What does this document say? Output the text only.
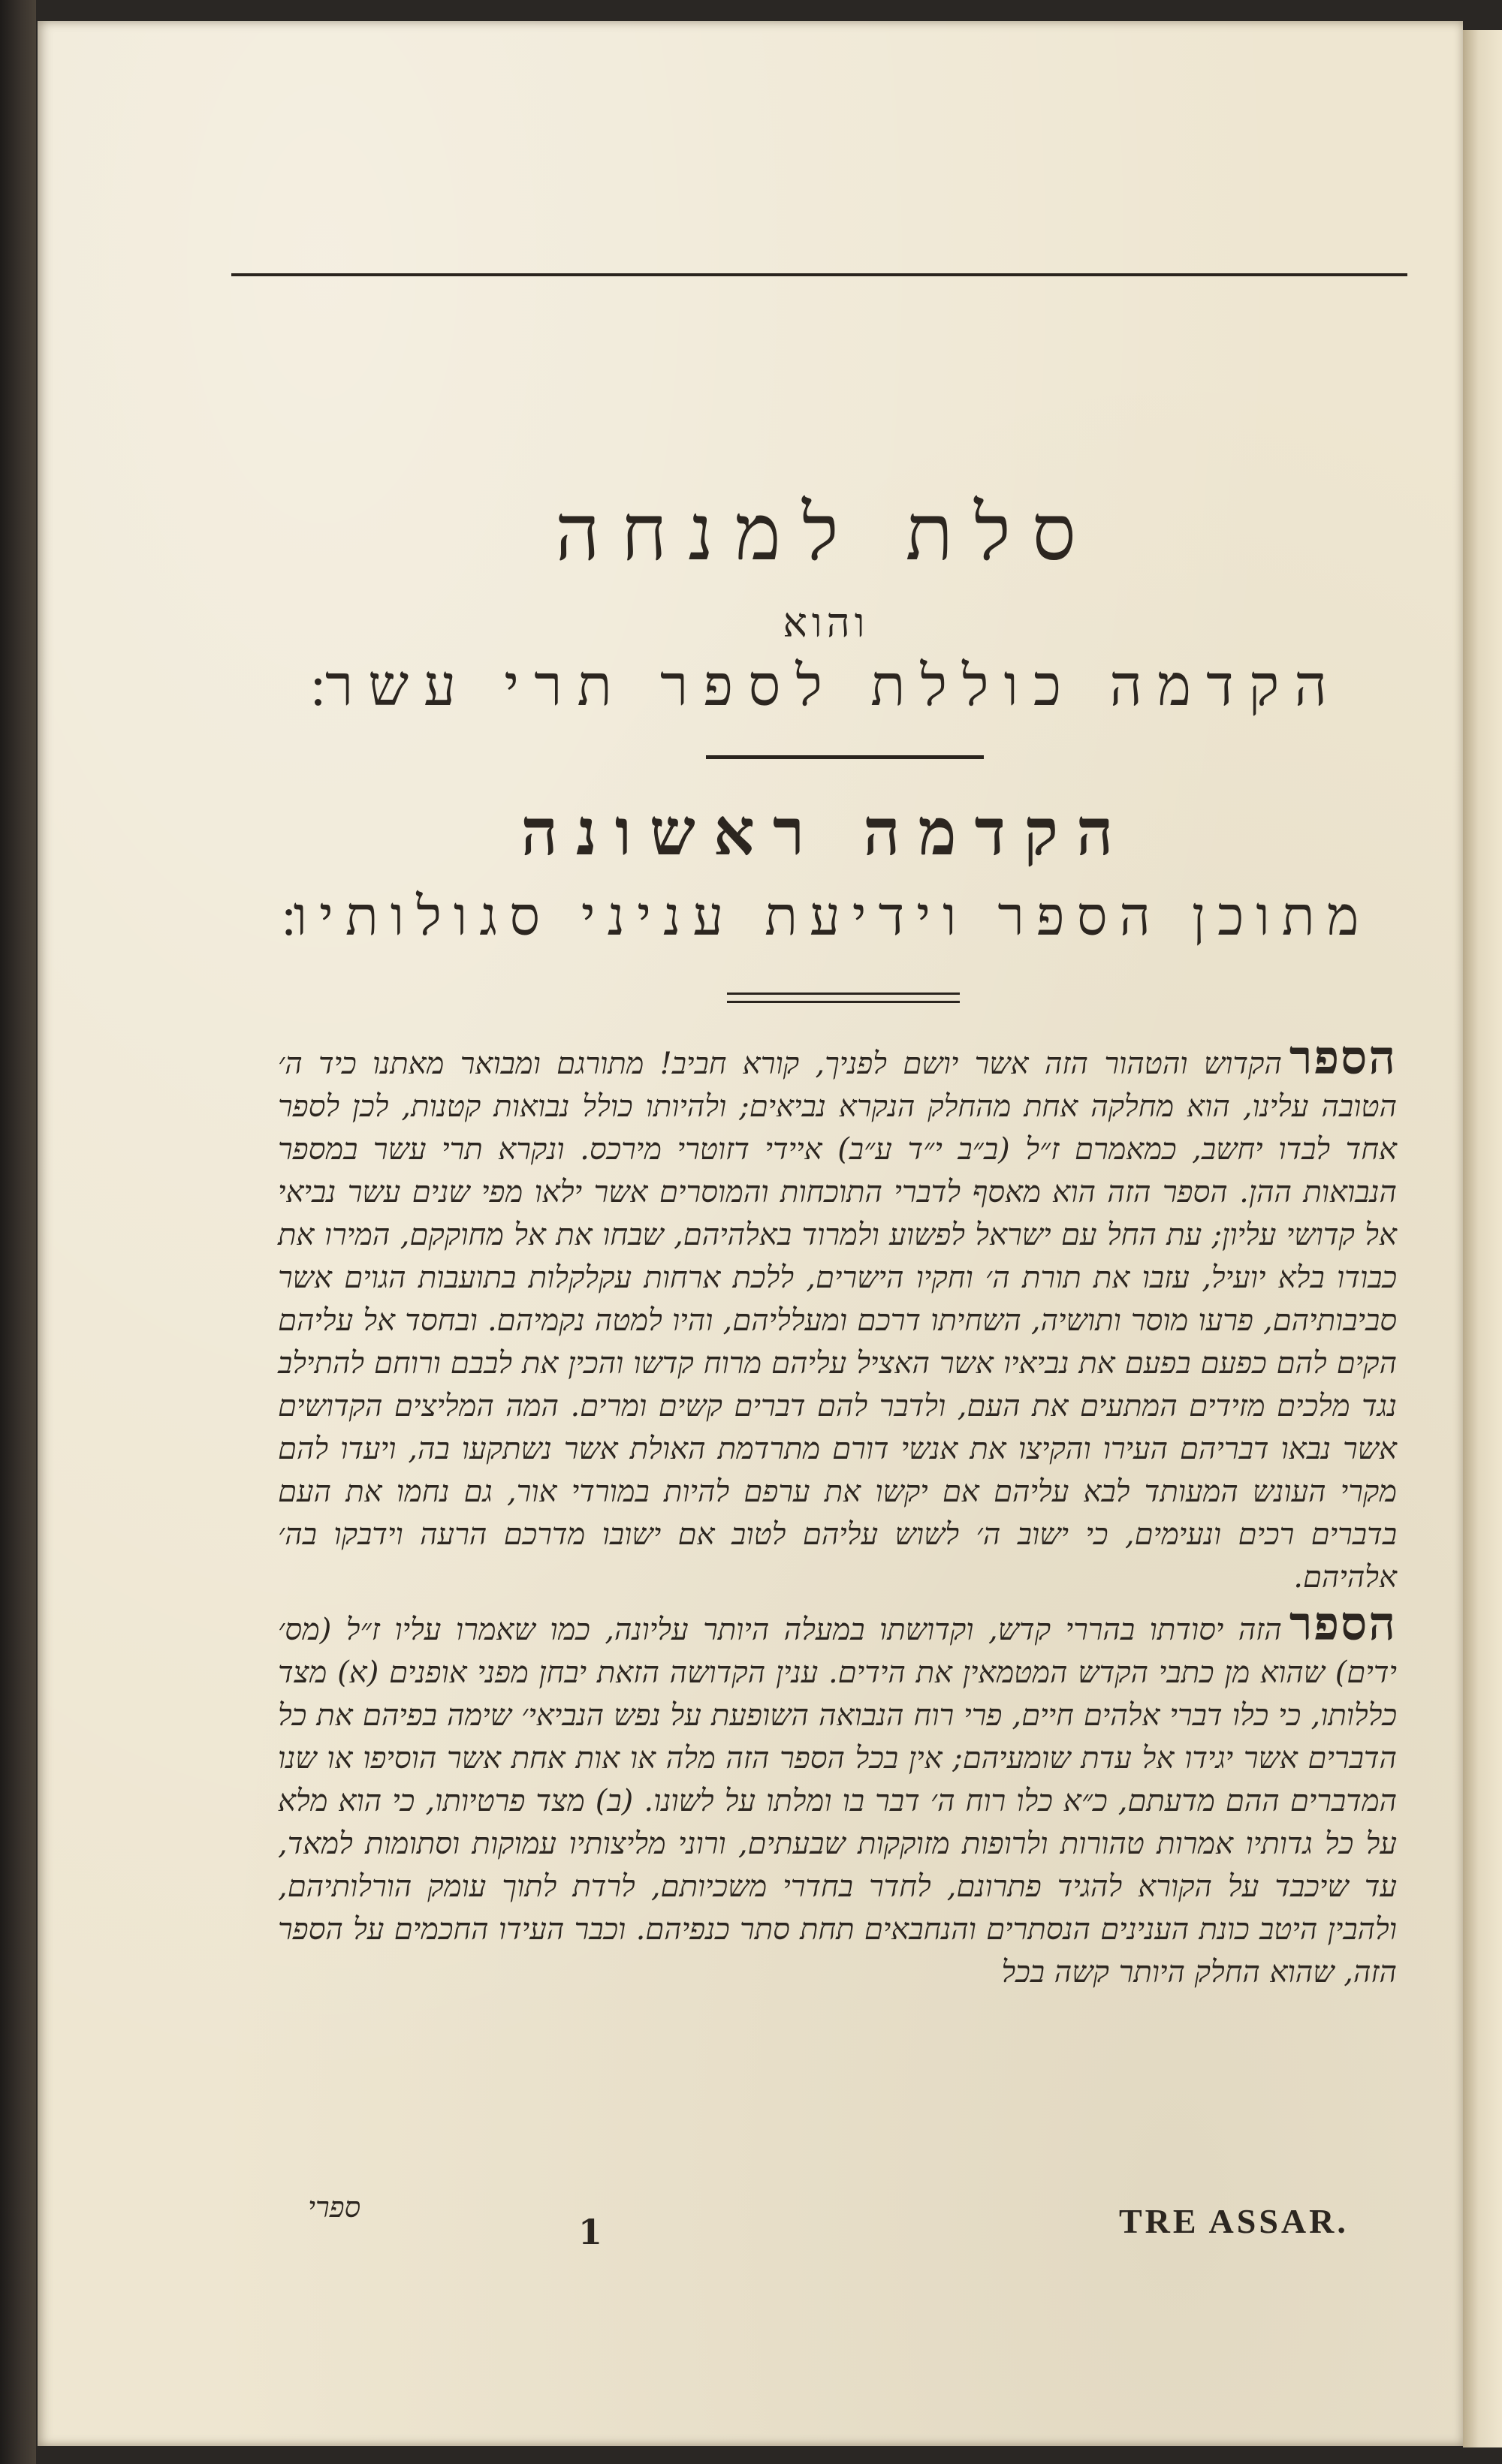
סלת למנחה
והוא
הקדמה כוללת לספר תרי עשר׃
הקדמה ראשונה
מתוכן הספר וידיעת עניני סגולותיו׃

הספרהקדוש והטהור הזה אשר יושם לפניך, קורא חביב! מתורגם ומבואר מאתנו כיד ה׳ הטובה עלינו, הוא מחלקה אחת מהחלק הנקרא נביאים; ולהיותו כולל נבואות קטנות, לכן לספר אחד לבדו יחשב, כמאמרם ז״ל (ב״ב י״ד ע״ב) איידי דזוטרי מירכס. ונקרא תרי עשר במספר הנבואות ההן. הספר הזה הוא מאסף לדברי התוכחות והמוסרים אשר ילאו מפי שנים עשר נביאי אל קדושי עליון; עת החל עם ישראל לפשוע ולמרוד באלהיהם, שבחו את אל מחוקקם, המירו את כבודו בלא יועיל, עזבו את תורת ה׳ וחקיו הישרים, ללכת ארחות עקלקלות בתועבות הגוים אשר סביבותיהם, פרעו מוסר ותושיה, השחיתו דרכם ומעלליהם, והיו למטה נקמיהם. ובחסד אל עליהם הקים להם כפעם בפעם את נביאיו אשר האציל עליהם מרוח קדשו והכין את לבבם ורוחם להתילב נגד מלכים מזידים המתעים את העם, ולדבר להם דברים קשים ומרים. המה המליצים הקדושים אשר נבאו דבריהם העירו והקיצו את אנשי דורם מתרדמת האולת אשר נשתקעו בה, ויעדו להם מקרי העונש המעותד לבא עליהם אם יקשו את ערפם להיות במורדי אור, גם נחמו את העם בדברים רכים ונעימים, כי ישוב ה׳ לשוש עליהם לטוב אם ישובו מדרכם הרעה וידבקו בה׳ אלהיהם.

הספרהזה יסודתו בהררי קדש, וקדושתו במעלה היותר עליונה, כמו שאמרו עליו ז״ל (מס׳ ידים) שהוא מן כתבי הקדש המטמאין את הידים. ענין הקדושה הזאת יבחן מפני אופנים (א) מצד כללותו, כי כלו דברי אלהים חיים, פרי רוח הנבואה השופעת על נפש הנביאי׳ שימה בפיהם את כל הדברים אשר יגידו אל עדת שומעיהם; אין בכל הספר הזה מלה או אות אחת אשר הוסיפו או שנו המדברים ההם מדעתם, כ״א כלו רוח ה׳ דבר בו ומלתו על לשונו. (ב) מצד פרטיותו, כי הוא מלא על כל גדותיו אמרות טהורות ולרופות מזוקקות שבעתים, ורוני מליצותיו עמוקות וסתומות למאד, עד שיכבד על הקורא להגיד פתרונם, לחדר בחדרי משכיותם, לרדת לתוך עומק הורלותיהם, ולהבין היטב כונת הענינים הנסתרים והנחבאים תחת סתר כנפיהם. וכבר העידו החכמים על הספר הזה, שהוא החלק היותר קשה בכל

ספרי
1	TRE ASSAR.
